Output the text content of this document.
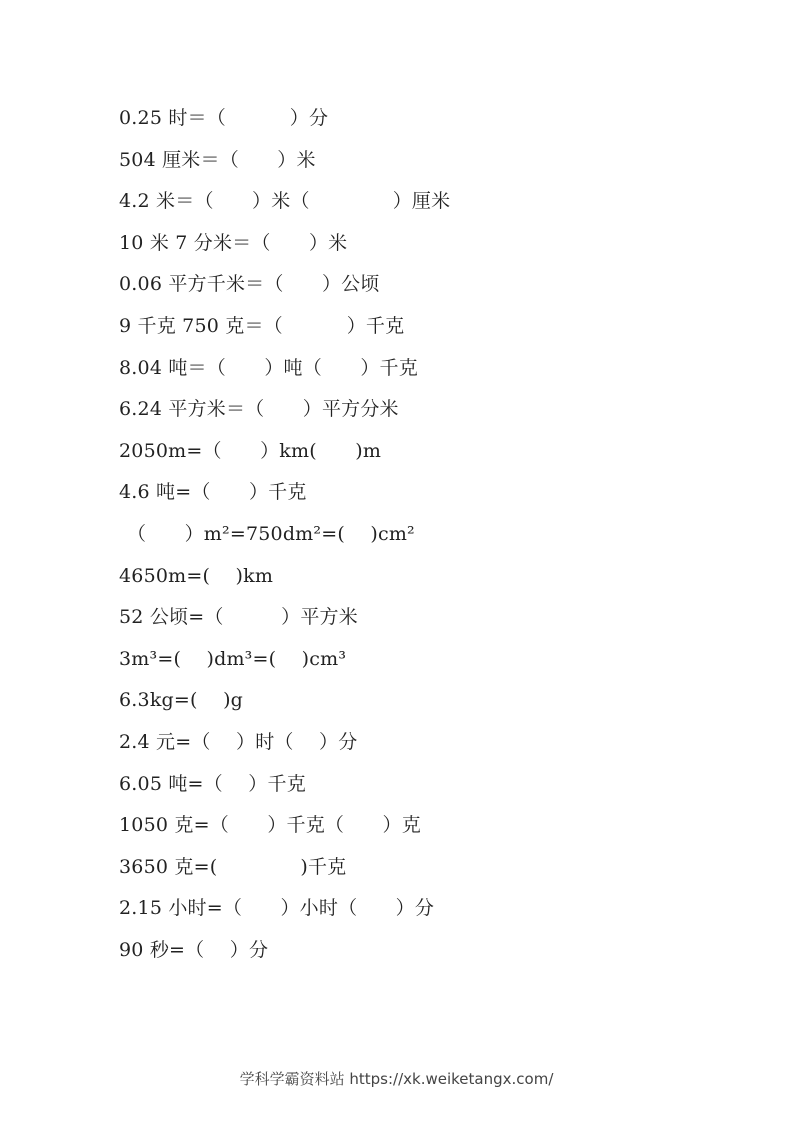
0.25 时＝（　　　 ）分
504 厘米＝（　　）米
4.2 米＝（　　）米（　　　　 ）厘米
10 米 7 分米＝（　　）米
0.06 平方千米＝（　　）公顷
9 千克 750 克＝（　　　 ）千克
8.04 吨＝（　　）吨（　　）千克
6.24 平方米＝（　　）平方分米
2050m=（　　）km(　　)m
4.6 吨=（　　）千克
（　　）m²=750dm²=(　 )cm²
4650m=(　 )km
52 公顷=（　　　）平方米
3m³=(　 )dm³=(　 )cm³
6.3kg=(　 )g
2.4 元=（　 ）时（　 ）分
6.05 吨=（　 ）千克
1050 克=（　　）千克（　　）克
3650 克=(　　　　 )千克
2.15 小时=（　　）小时（　　）分
90 秒=（　 ）分
学科学霸资料站 https://xk.weiketangx.com/
